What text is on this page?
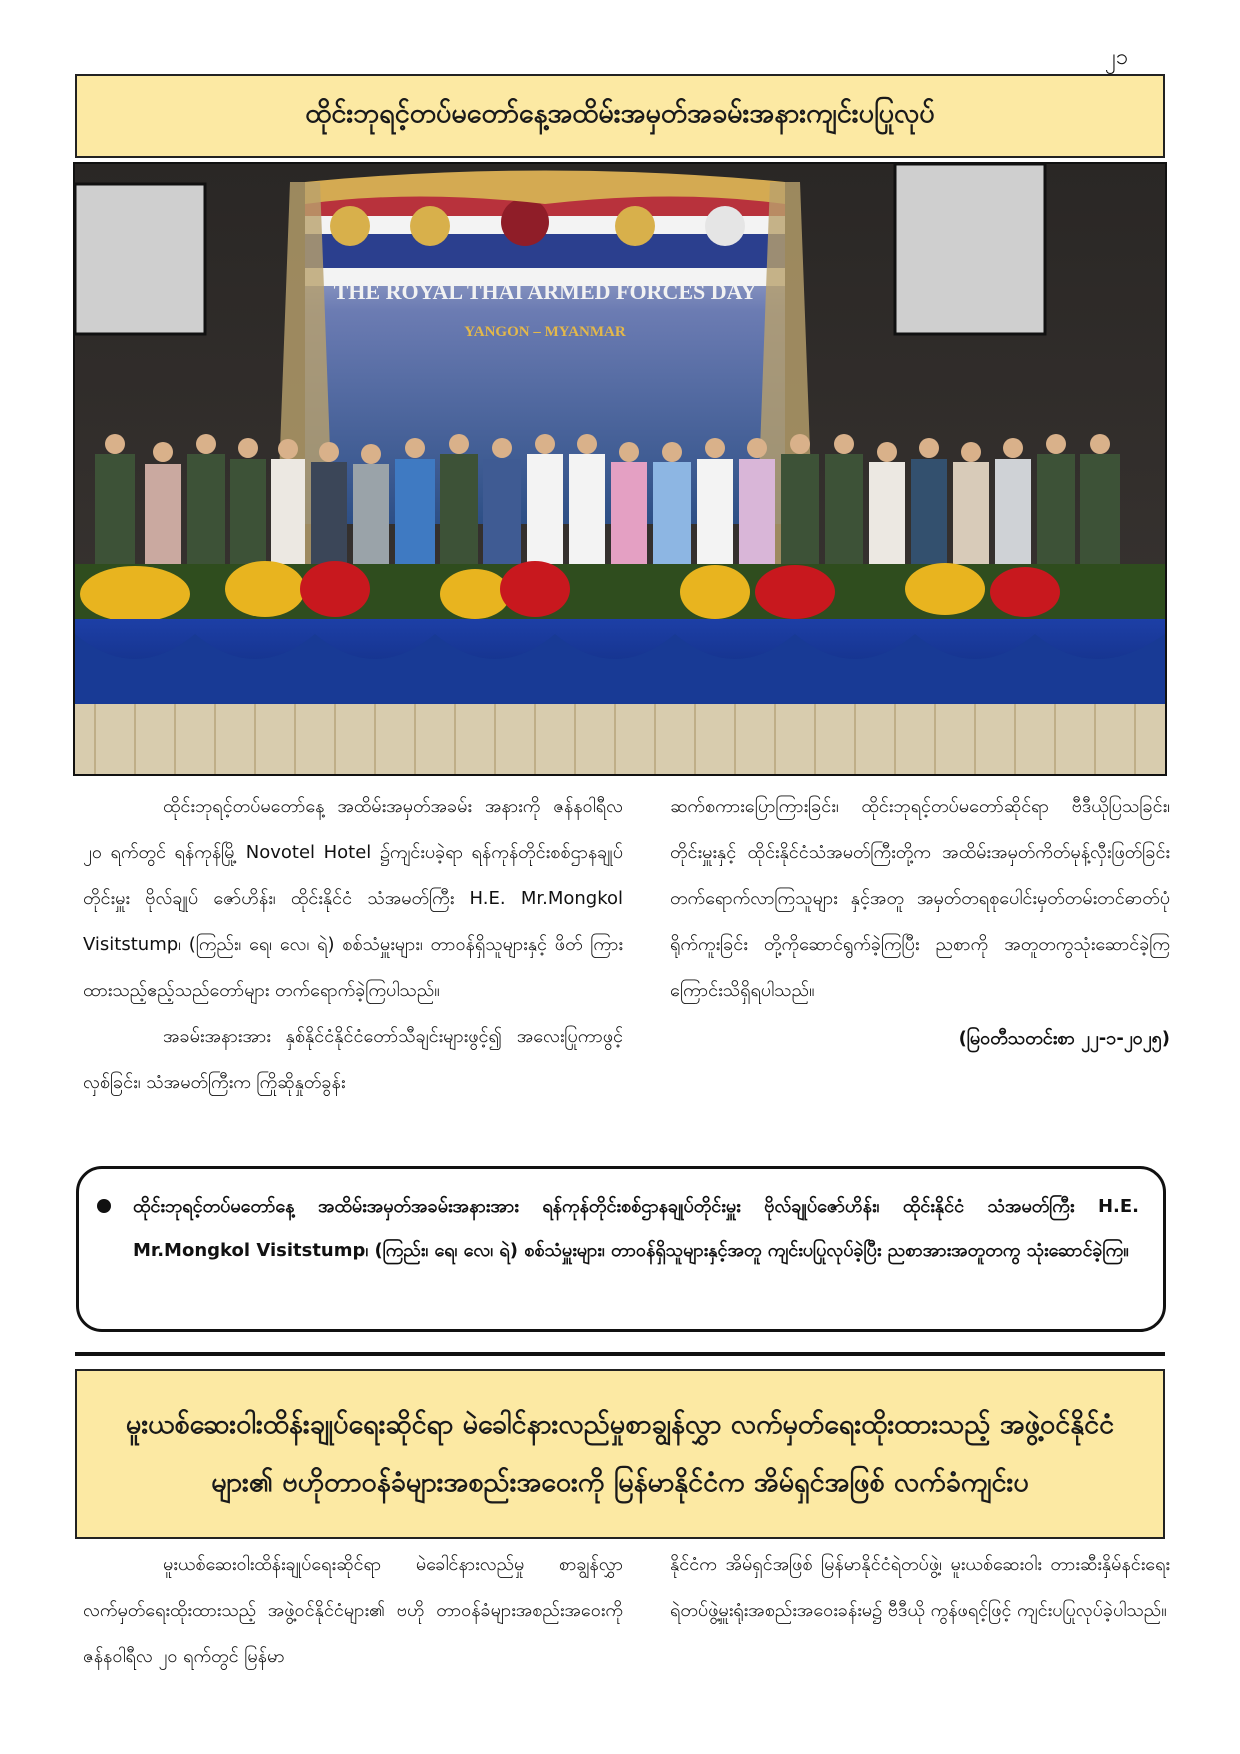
၂၁
ထိုင်းဘုရင့်တပ်မတော်နေ့အထိမ်းအမှတ်အခမ်းအနားကျင်းပပြုလုပ်
THE ROYAL THAI ARMED FORCES DAY
YANGON – MYANMAR

ထိုင်းဘုရင့်တပ်မတော်နေ့ အထိမ်းအမှတ်အခမ်း အနားကို ဇန်နဝါရီလ ၂၀ ရက်တွင် ရန်ကုန်မြို့ Novotel Hotel ၌ကျင်းပခဲ့ရာ ရန်ကုန်တိုင်းစစ်ဌာနချုပ်တိုင်းမှူး ဗိုလ်ချုပ် ဇော်ဟိန်း၊ ထိုင်းနိုင်ငံ သံအမတ်ကြီး H.E. Mr.Mongkol Visitstump၊ (ကြည်း၊ ရေ၊ လေ၊ ရဲ) စစ်သံမှူးများ၊ တာဝန်ရှိသူများနှင့် ဖိတ် ကြားထားသည့်ဧည့်သည်တော်များ တက်ရောက်ခဲ့ကြပါသည်။

အခမ်းအနားအား နှစ်နိုင်ငံနိုင်ငံတော်သီချင်းများဖွင့်၍ အလေးပြုကာဖွင့်လှစ်ခြင်း၊ သံအမတ်ကြီးက ကြိုဆိုနှုတ်ခွန်း

ဆက်စကားပြောကြားခြင်း၊ ထိုင်းဘုရင့်တပ်မတော်ဆိုင်ရာ ဗီဒီယိုပြသခြင်း၊ တိုင်းမှူးနှင့် ထိုင်းနိုင်ငံသံအမတ်ကြီးတို့က အထိမ်းအမှတ်ကိတ်မုန့်လှီးဖြတ်ခြင်း တက်ရောက်လာကြသူများ နှင့်အတူ အမှတ်တရစုပေါင်းမှတ်တမ်းတင်ဓာတ်ပုံရိုက်ကူးခြင်း တို့ကိုဆောင်ရွက်ခဲ့ကြပြီး ညစာကို အတူတကွသုံးဆောင်ခဲ့ကြ ကြောင်းသိရှိရပါသည်။

(မြဝတီသတင်းစာ ၂၂-၁-၂၀၂၅)

ထိုင်းဘုရင့်တပ်မတော်နေ့ အထိမ်းအမှတ်အခမ်းအနားအား ရန်ကုန်တိုင်းစစ်ဌာနချုပ်တိုင်းမှူး ဗိုလ်ချုပ်ဇော်ဟိန်း၊ ထိုင်းနိုင်ငံ သံအမတ်ကြီး H.E. Mr.Mongkol Visitstump၊ (ကြည်း၊ ရေ၊ လေ၊ ရဲ) စစ်သံမှူးများ၊ တာဝန်ရှိသူများနှင့်အတူ ကျင်းပပြုလုပ်ခဲ့ပြီး ညစာအားအတူတကွ သုံးဆောင်ခဲ့ကြ။
မူးယစ်ဆေးဝါးထိန်းချုပ်ရေးဆိုင်ရာ မဲခေါင်နားလည်မှုစာချွန်လွှာ လက်မှတ်ရေးထိုးထားသည့် အဖွဲ့ဝင်နိုင်ငံများ၏ ဗဟိုတာဝန်ခံများအစည်းအဝေးကို မြန်မာနိုင်ငံက အိမ်ရှင်အဖြစ် လက်ခံကျင်းပ

မူးယစ်ဆေးဝါးထိန်းချုပ်ရေးဆိုင်ရာ မဲခေါင်နားလည်မှု စာချွန်လွှာလက်မှတ်ရေးထိုးထားသည့် အဖွဲ့ဝင်နိုင်ငံများ၏ ဗဟို တာဝန်ခံများအစည်းအဝေးကို ဇန်နဝါရီလ ၂၀ ရက်တွင် မြန်မာ

နိုင်ငံက အိမ်ရှင်အဖြစ် မြန်မာနိုင်ငံရဲတပ်ဖွဲ့၊ မူးယစ်ဆေးဝါး တားဆီးနှိမ်နင်းရေး ရဲတပ်ဖွဲ့မှူးရုံးအစည်းအဝေးခန်းမ၌ ဗီဒီယို ကွန်ဖရင့်ဖြင့် ကျင်းပပြုလုပ်ခဲ့ပါသည်။
